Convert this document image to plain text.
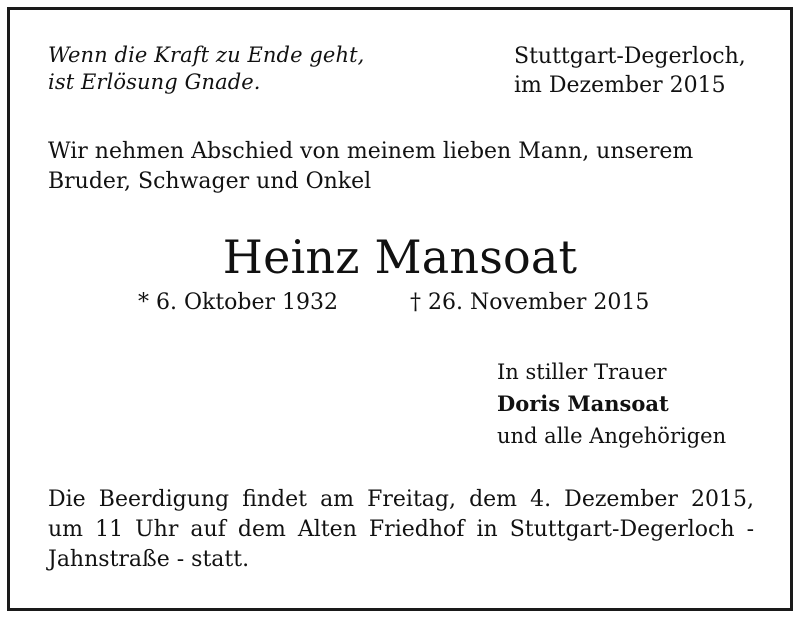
Wenn die Kraft zu Ende geht,
ist Erlösung Gnade.
Stuttgart-Degerloch,
im Dezember 2015
Wir nehmen Abschied von meinem lieben Mann, unserem
Bruder, Schwager und Onkel
Heinz Mansoat
* 6. Oktober 1932	† 26. November 2015
In stiller Trauer
Doris Mansoat
und alle Angehörigen
Die Beerdigung findet am Freitag, dem 4. Dezember 2015,
um 11 Uhr auf dem Alten Friedhof in Stuttgart-Degerloch -
Jahnstraße - statt.
